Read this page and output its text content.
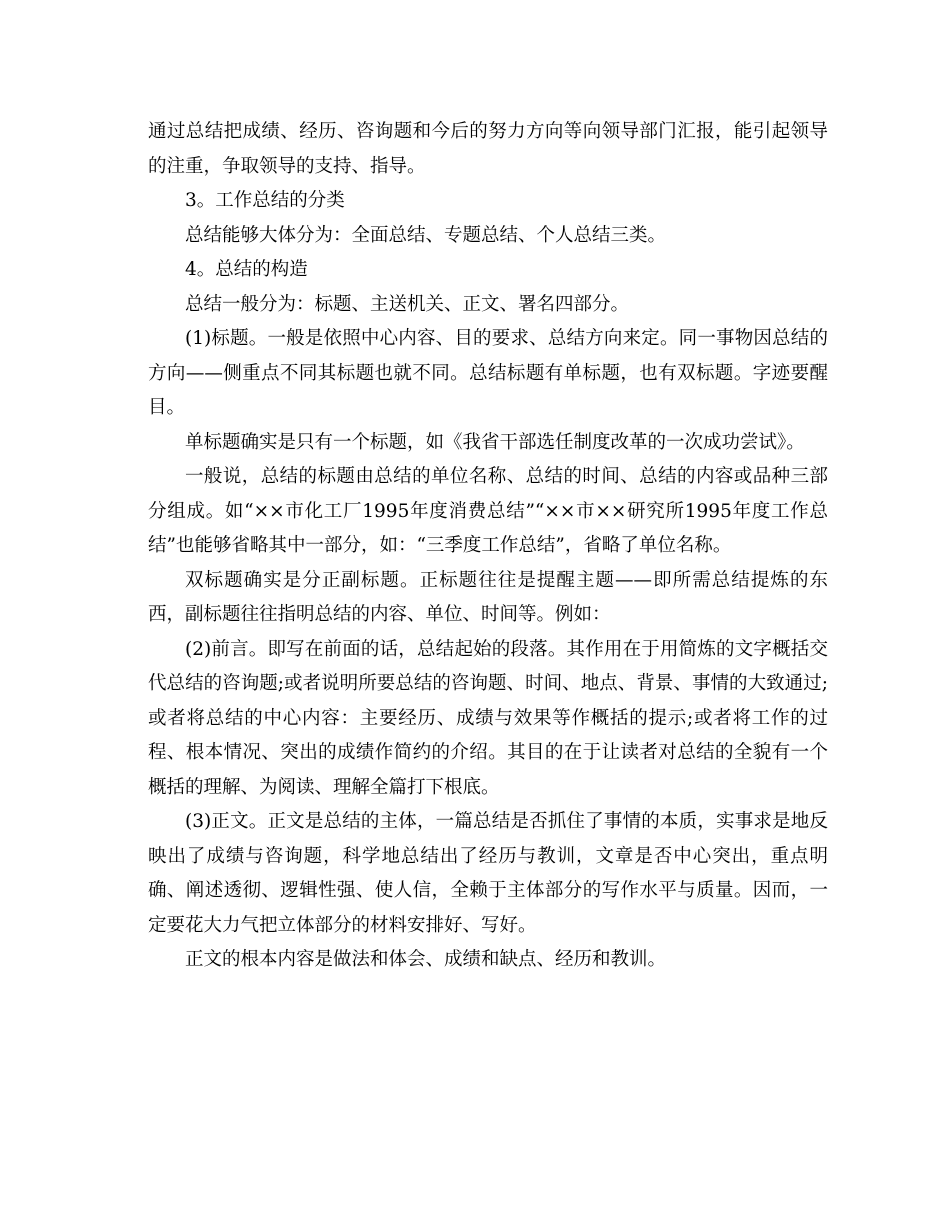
通过总结把成绩、经历、咨询题和今后的努力方向等向领导部门汇报，能引起领导的注重，争取领导的支持、指导。

3。工作总结的分类

总结能够大体分为：全面总结、专题总结、个人总结三类。

4。总结的构造

总结一般分为：标题、主送机关、正文、署名四部分。

(1)标题。一般是依照中心内容、目的要求、总结方向来定。同一事物因总结的方向——侧重点不同其标题也就不同。总结标题有单标题，也有双标题。字迹要醒目。

单标题确实是只有一个标题，如《我省干部选任制度改革的一次成功尝试》。

一般说，总结的标题由总结的单位名称、总结的时间、总结的内容或品种三部分组成。如“××市化工厂1995年度消费总结”“××市××研究所1995年度工作总结”也能够省略其中一部分，如：“三季度工作总结”，省略了单位名称。

双标题确实是分正副标题。正标题往往是提醒主题——即所需总结提炼的东西，副标题往往指明总结的内容、单位、时间等。例如：

(2)前言。即写在前面的话，总结起始的段落。其作用在于用简炼的文字概括交代总结的咨询题;或者说明所要总结的咨询题、时间、地点、背景、事情的大致通过;或者将总结的中心内容：主要经历、成绩与效果等作概括的提示;或者将工作的过程、根本情况、突出的成绩作简约的介绍。其目的在于让读者对总结的全貌有一个概括的理解、为阅读、理解全篇打下根底。

(3)正文。正文是总结的主体，一篇总结是否抓住了事情的本质，实事求是地反映出了成绩与咨询题，科学地总结出了经历与教训，文章是否中心突出，重点明确、阐述透彻、逻辑性强、使人信，全赖于主体部分的写作水平与质量。因而，一定要花大力气把立体部分的材料安排好、写好。

正文的根本内容是做法和体会、成绩和缺点、经历和教训。
